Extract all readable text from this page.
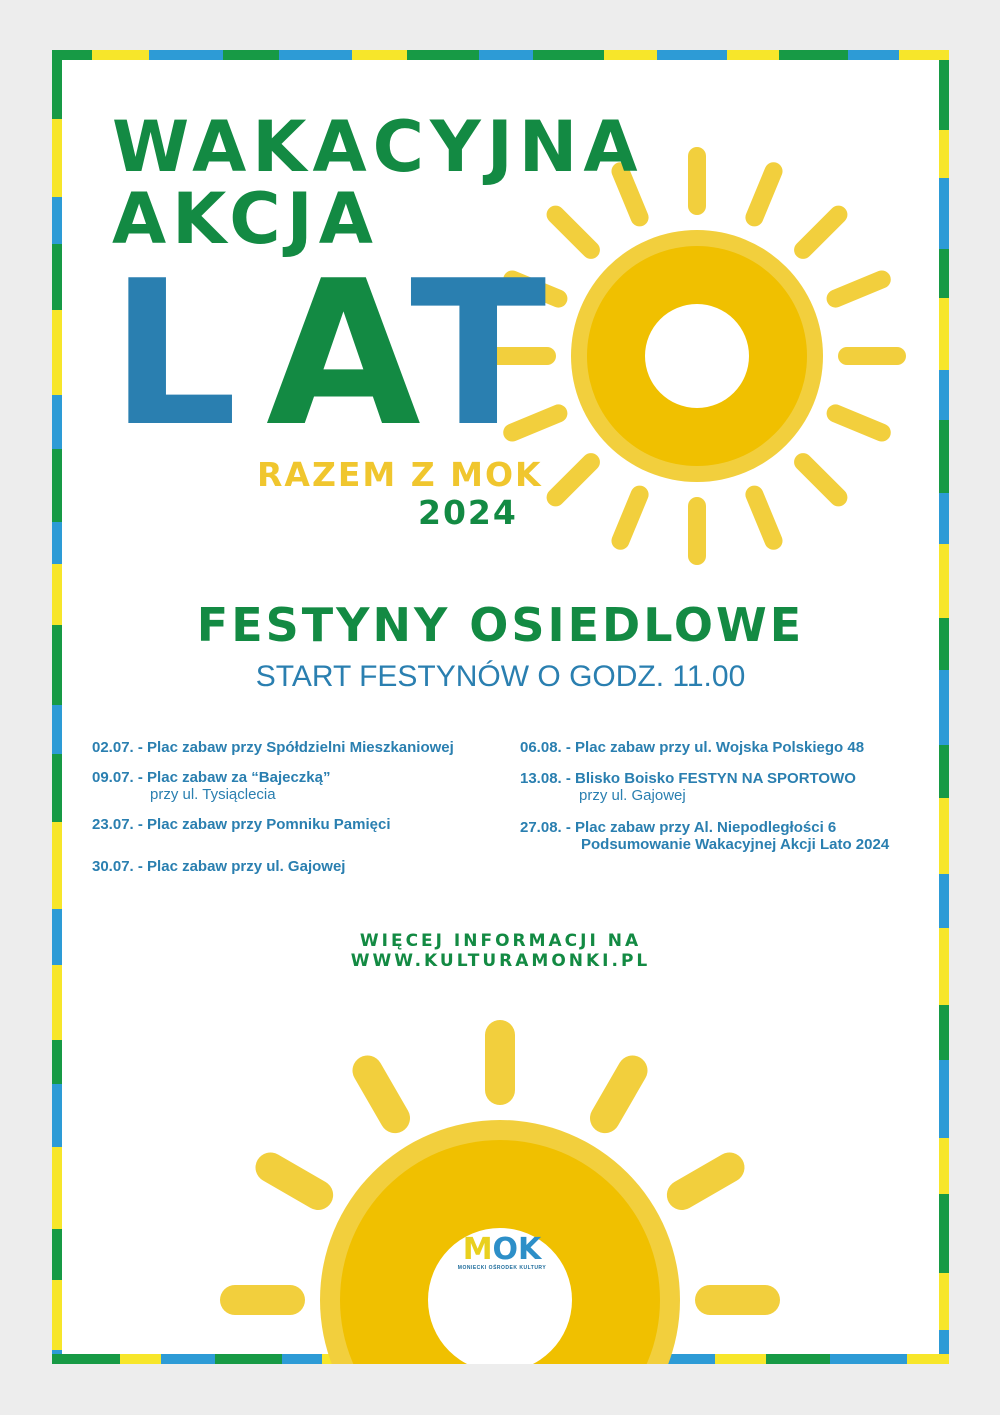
WAKACYJNA
AKCJA
L A
T

RAZEM Z MOK

2024

FESTYNY OSIEDLOWE

START FESTYNÓW O GODZ. 11.00

02.07. - Plac zabaw przy Spółdzielni Mieszkaniowej
09.07. - Plac zabaw za “Bajeczką”
przy ul. Tysiąclecia
23.07. - Plac zabaw przy Pomniku Pamięci
30.07. - Plac zabaw przy ul. Gajowej
06.08. - Plac zabaw przy ul. Wojska Polskiego 48
13.08. - Blisko Boisko FESTYN NA SPORTOWO
przy ul. Gajowej
27.08. - Plac zabaw przy Al. Niepodległości 6
Podsumowanie Wakacyjnej Akcji Lato 2024
WIĘCEJ INFORMACJI NA
WWW.KULTURAMONKI.PL
MOK
MONIECKI OŚRODEK KULTURY
